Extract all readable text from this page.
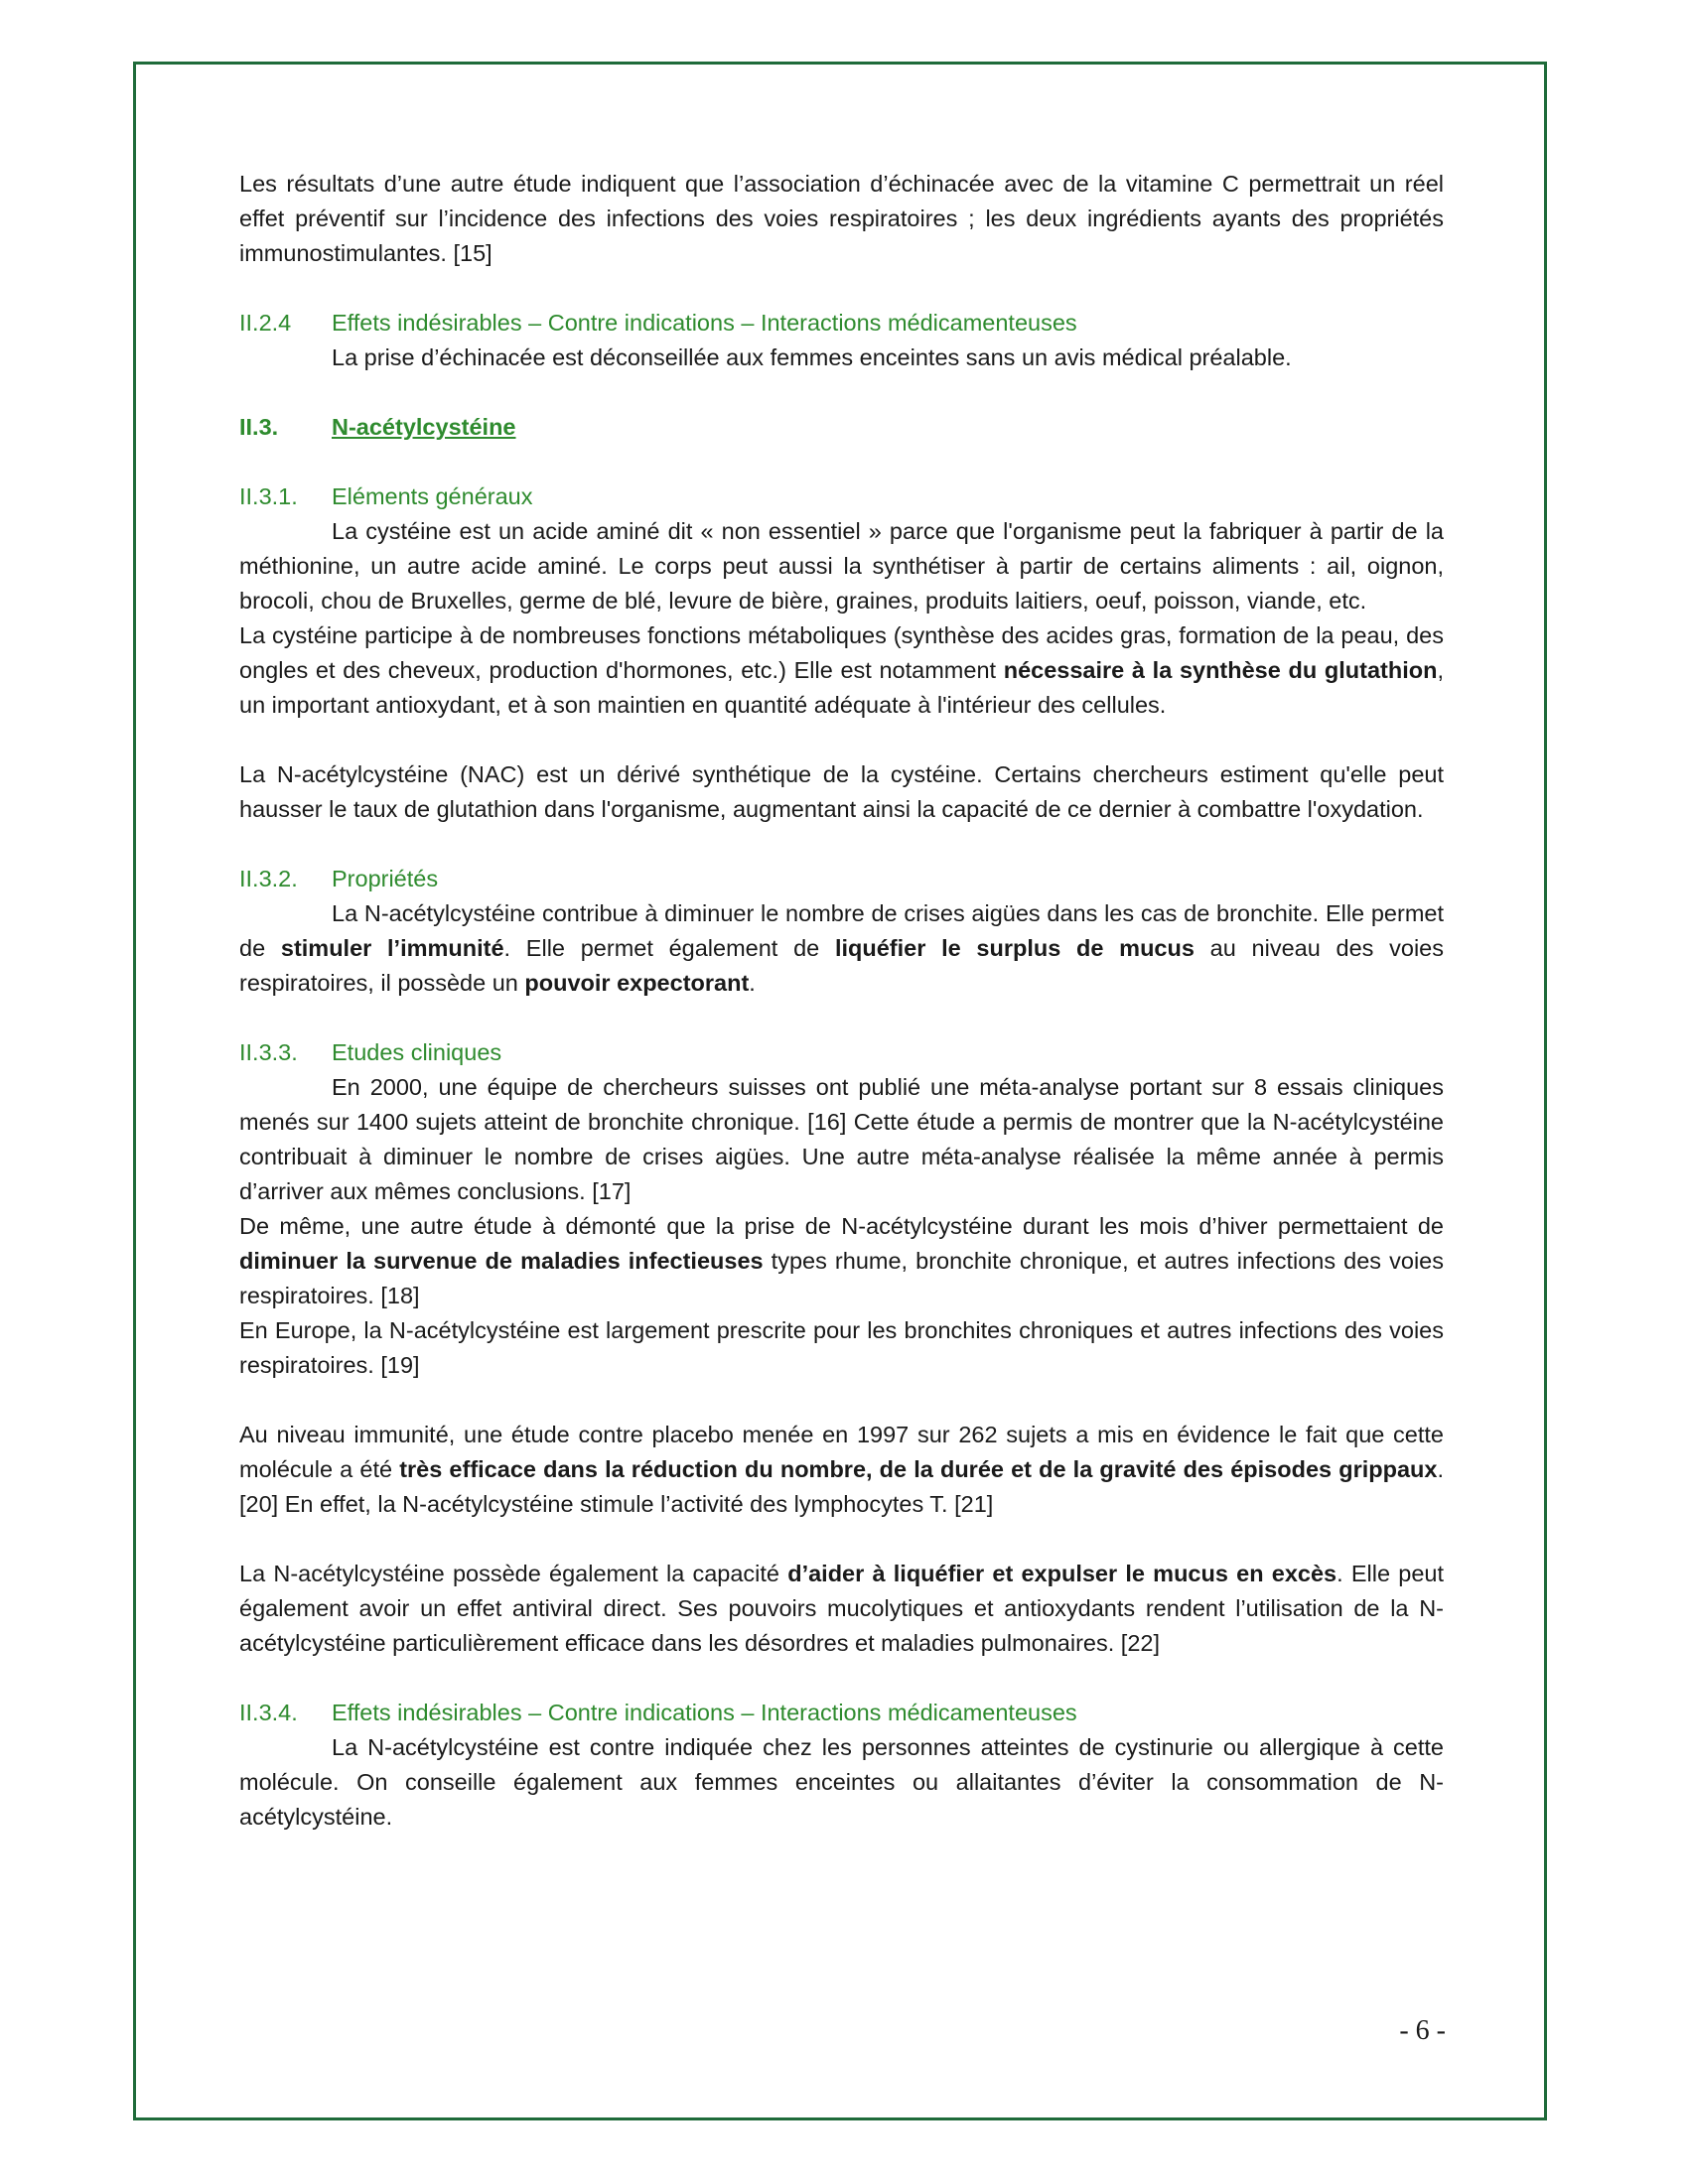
Les résultats d’une autre étude indiquent que l’association d’échinacée avec de la vitamine C permettrait un réel effet préventif sur l’incidence des infections des voies respiratoires ; les deux ingrédients ayants des propriétés immunostimulantes. [15]

II.2.4 Effets indésirables – Contre indications – Interactions médicamenteuses

La prise d’échinacée est déconseillée aux femmes enceintes sans un avis médical préalable.

II.3. N-acétylcystéine
II.3.1. Eléments généraux

La cystéine est un acide aminé dit « non essentiel » parce que l'organisme peut la fabriquer à partir de la méthionine, un autre acide aminé. Le corps peut aussi la synthétiser à partir de certains aliments : ail, oignon, brocoli, chou de Bruxelles, germe de blé, levure de bière, graines, produits laitiers, oeuf, poisson, viande, etc.

La cystéine participe à de nombreuses fonctions métaboliques (synthèse des acides gras, formation de la peau, des ongles et des cheveux, production d'hormones, etc.) Elle est notamment nécessaire à la synthèse du glutathion, un important antioxydant, et à son maintien en quantité adéquate à l'intérieur des cellules.

La N-acétylcystéine (NAC) est un dérivé synthétique de la cystéine. Certains chercheurs estiment qu'elle peut hausser le taux de glutathion dans l'organisme, augmentant ainsi la capacité de ce dernier à combattre l'oxydation.

II.3.2. Propriétés

La N-acétylcystéine contribue à diminuer le nombre de crises aigües dans les cas de bronchite. Elle permet de stimuler l’immunité. Elle permet également de liquéfier le surplus de mucus au niveau des voies respiratoires, il possède un pouvoir expectorant.

II.3.3. Etudes cliniques

En 2000, une équipe de chercheurs suisses ont publié une méta-analyse portant sur 8 essais cliniques menés sur 1400 sujets atteint de bronchite chronique. [16] Cette étude a permis de montrer que la N-acétylcystéine contribuait à diminuer le nombre de crises aigües. Une autre méta-analyse réalisée la même année à permis d’arriver aux mêmes conclusions. [17]

De même, une autre étude à démonté que la prise de N-acétylcystéine durant les mois d’hiver permettaient de diminuer la survenue de maladies infectieuses types rhume, bronchite chronique, et autres infections des voies respiratoires. [18]

En Europe, la N-acétylcystéine est largement prescrite pour les bronchites chroniques et autres infections des voies respiratoires. [19]

Au niveau immunité, une étude contre placebo menée en 1997 sur 262 sujets a mis en évidence le fait que cette molécule a été très efficace dans la réduction du nombre, de la durée et de la gravité des épisodes grippaux. [20] En effet, la N-acétylcystéine stimule l’activité des lymphocytes T. [21]

La N-acétylcystéine possède également la capacité d’aider à liquéfier et expulser le mucus en excès. Elle peut également avoir un effet antiviral direct. Ses pouvoirs mucolytiques et antioxydants rendent l’utilisation de la N-acétylcystéine particulièrement efficace dans les désordres et maladies pulmonaires. [22]

II.3.4. Effets indésirables – Contre indications – Interactions médicamenteuses

La N-acétylcystéine est contre indiquée chez les personnes atteintes de cystinurie ou allergique à cette molécule. On conseille également aux femmes enceintes ou allaitantes d’éviter la consommation de N-acétylcystéine.

- 6 -
